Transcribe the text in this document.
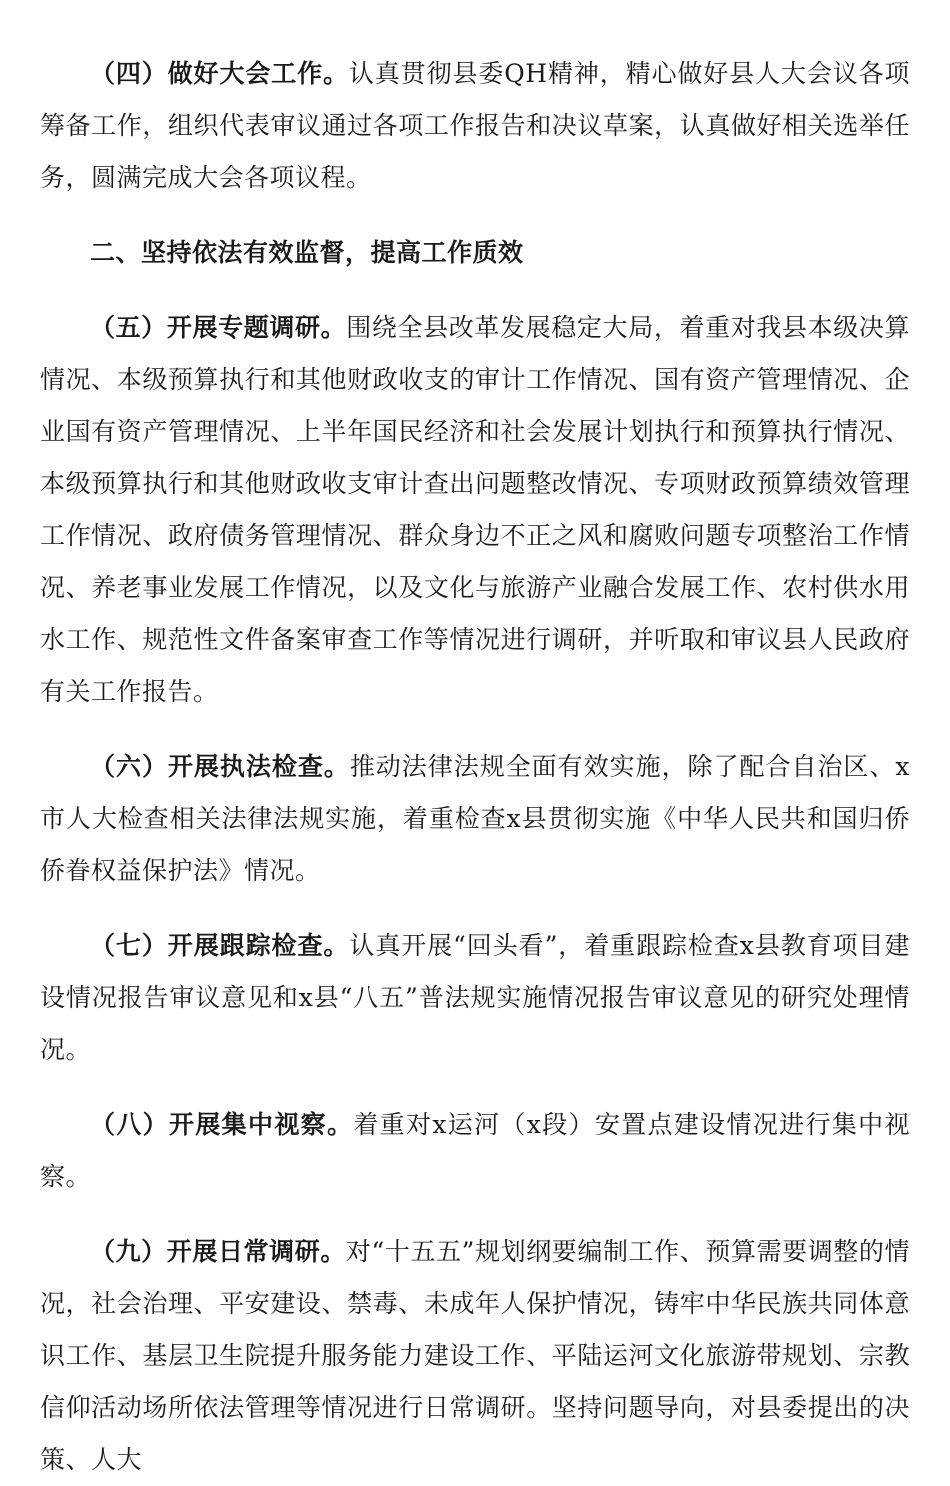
（四）做好大会工作。认真贯彻县委QH精神，精心做好县人大会议各项筹备工作，组织代表审议通过各项工作报告和决议草案，认真做好相关选举任务，圆满完成大会各项议程。

二、坚持依法有效监督，提高工作质效

（五）开展专题调研。围绕全县改革发展稳定大局，着重对我县本级决算情况、本级预算执行和其他财政收支的审计工作情况、国有资产管理情况、企业国有资产管理情况、上半年国民经济和社会发展计划执行和预算执行情况、本级预算执行和其他财政收支审计查出问题整改情况、专项财政预算绩效管理工作情况、政府债务管理情况、群众身边不正之风和腐败问题专项整治工作情况、养老事业发展工作情况，以及文化与旅游产业融合发展工作、农村供水用水工作、规范性文件备案审查工作等情况进行调研，并听取和审议县人民政府有关工作报告。

（六）开展执法检查。推动法律法规全面有效实施，除了配合自治区、x市人大检查相关法律法规实施，着重检查x县贯彻实施《中华人民共和国归侨侨眷权益保护法》情况。

（七）开展跟踪检查。认真开展“回头看”，着重跟踪检查x县教育项目建设情况报告审议意见和x县“八五”普法规实施情况报告审议意见的研究处理情况。

（八）开展集中视察。着重对x运河（x段）安置点建设情况进行集中视察。

（九）开展日常调研。对“十五五”规划纲要编制工作、预算需要调整的情况，社会治理、平安建设、禁毒、未成年人保护情况，铸牢中华民族共同体意识工作、基层卫生院提升服务能力建设工作、平陆运河文化旅游带规划、宗教信仰活动场所依法管理等情况进行日常调研。坚持问题导向，对县委提出的决策、人大
